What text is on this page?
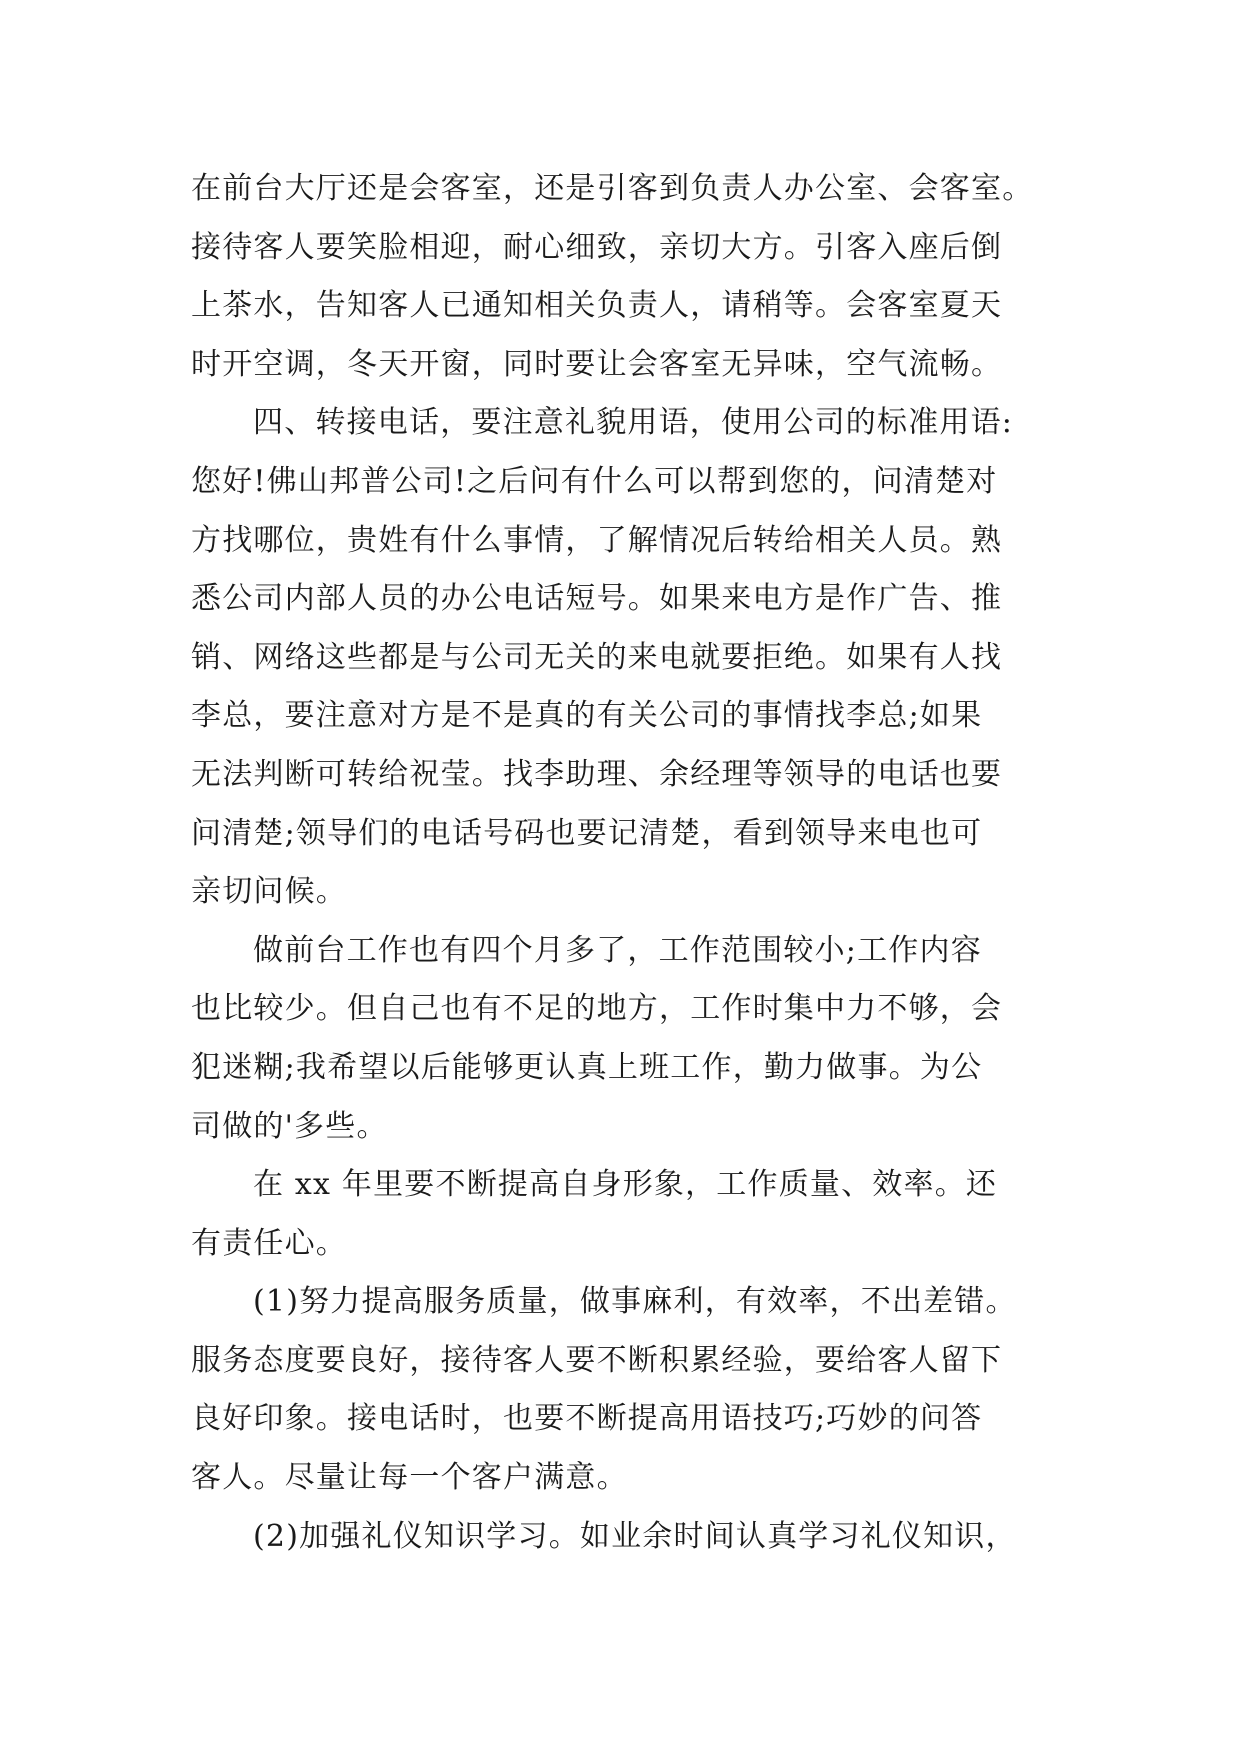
在前台大厅还是会客室，还是引客到负责人办公室、会客室。
接待客人要笑脸相迎，耐心细致，亲切大方。引客入座后倒
上茶水，告知客人已通知相关负责人，请稍等。会客室夏天
时开空调，冬天开窗，同时要让会客室无异味，空气流畅。
四、转接电话，要注意礼貌用语，使用公司的标准用语:
您好!佛山邦普公司!之后问有什么可以帮到您的，问清楚对
方找哪位，贵姓有什么事情，了解情况后转给相关人员。熟
悉公司内部人员的办公电话短号。如果来电方是作广告、推
销、网络这些都是与公司无关的来电就要拒绝。如果有人找
李总，要注意对方是不是真的有关公司的事情找李总;如果
无法判断可转给祝莹。找李助理、余经理等领导的电话也要
问清楚;领导们的电话号码也要记清楚，看到领导来电也可
亲切问候。
做前台工作也有四个月多了，工作范围较小;工作内容
也比较少。但自己也有不足的地方，工作时集中力不够，会
犯迷糊;我希望以后能够更认真上班工作，勤力做事。为公
司做的'多些。
在 xx 年里要不断提高自身形象，工作质量、效率。还
有责任心。
(1)努力提高服务质量，做事麻利，有效率，不出差错。
服务态度要良好，接待客人要不断积累经验，要给客人留下
良好印象。接电话时，也要不断提高用语技巧;巧妙的问答
客人。尽量让每一个客户满意。
(2)加强礼仪知识学习。如业余时间认真学习礼仪知识，
